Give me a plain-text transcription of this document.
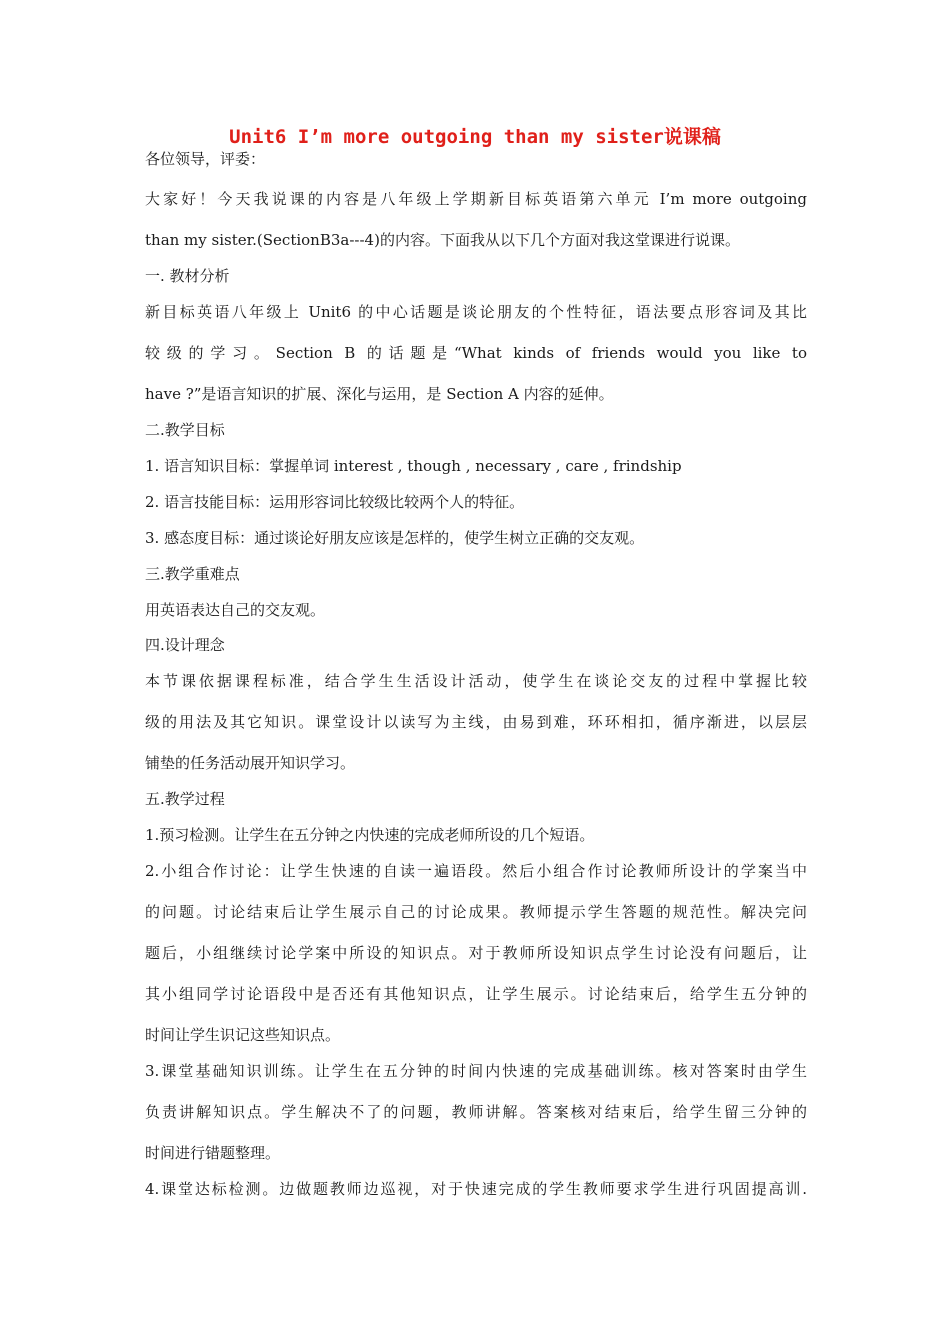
Unit6 I’m more outgoing than my sister说课稿
各位领导，评委：
大家好！今天我说课的内容是八年级上学期新目标英语第六单元 I’m more outgoing
than my sister.(SectionB3a---4)的内容。下面我从以下几个方面对我这堂课进行说课。
一. 教材分析
新目标英语八年级上 Unit6 的中心话题是谈论朋友的个性特征，语法要点形容词及其比
较级的学习。Section B 的话题是“What kinds of friends would you like to
have ?”是语言知识的扩展、深化与运用，是 Section A 内容的延伸。
二.教学目标
1. 语言知识目标：掌握单词 interest , though , necessary , care , frindship
2. 语言技能目标：运用形容词比较级比较两个人的特征。
3. 感态度目标：通过谈论好朋友应该是怎样的，使学生树立正确的交友观。
三.教学重难点
用英语表达自己的交友观。
四.设计理念
本节课依据课程标准，结合学生生活设计活动，使学生在谈论交友的过程中掌握比较
级的用法及其它知识。课堂设计以读写为主线，由易到难，环环相扣，循序渐进，以层层
铺垫的任务活动展开知识学习。
五.教学过程
1.预习检测。让学生在五分钟之内快速的完成老师所设的几个短语。
2.小组合作讨论：让学生快速的自读一遍语段。然后小组合作讨论教师所设计的学案当中
的问题。讨论结束后让学生展示自己的讨论成果。教师提示学生答题的规范性。解决完问
题后，小组继续讨论学案中所设的知识点。对于教师所设知识点学生讨论没有问题后，让
其小组同学讨论语段中是否还有其他知识点，让学生展示。讨论结束后，给学生五分钟的
时间让学生识记这些知识点。
3.课堂基础知识训练。让学生在五分钟的时间内快速的完成基础训练。核对答案时由学生
负责讲解知识点。学生解决不了的问题，教师讲解。答案核对结束后，给学生留三分钟的
时间进行错题整理。
4.课堂达标检测。边做题教师边巡视，对于快速完成的学生教师要求学生进行巩固提高训.
